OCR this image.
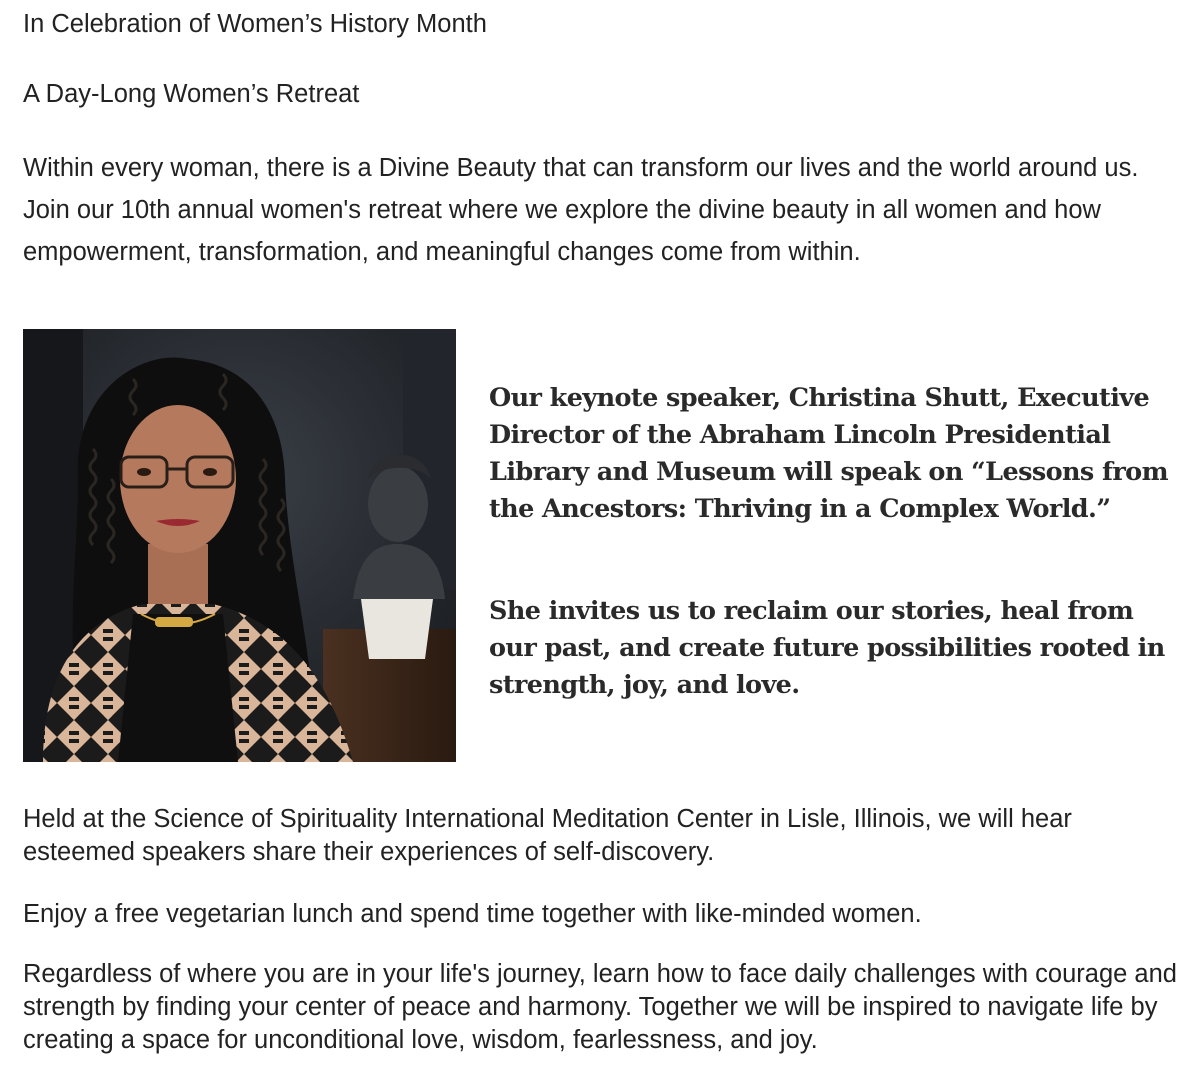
In Celebration of Women’s History Month

A Day-Long Women’s Retreat

Within every woman, there is a Divine Beauty that can transform our lives and the world around us. Join our 10th annual women's retreat where we explore the divine beauty in all women and how empowerment, transformation, and meaningful changes come from within.

Our keynote speaker, Christina Shutt, Executive Director of the Abraham Lincoln Presidential Library and Museum will speak on “Lessons from the Ancestors: Thriving in a Complex World.”

She invites us to reclaim our stories, heal from our past, and create future possibilities rooted in strength, joy, and love.

Held at the Science of Spirituality International Meditation Center in Lisle, Illinois, we will hear esteemed speakers share their experiences of self-discovery.

Enjoy a free vegetarian lunch and spend time together with like-minded women.

Regardless of where you are in your life's journey, learn how to face daily challenges with courage and strength by finding your center of peace and harmony. Together we will be inspired to navigate life by creating a space for unconditional love, wisdom, fearlessness, and joy.
